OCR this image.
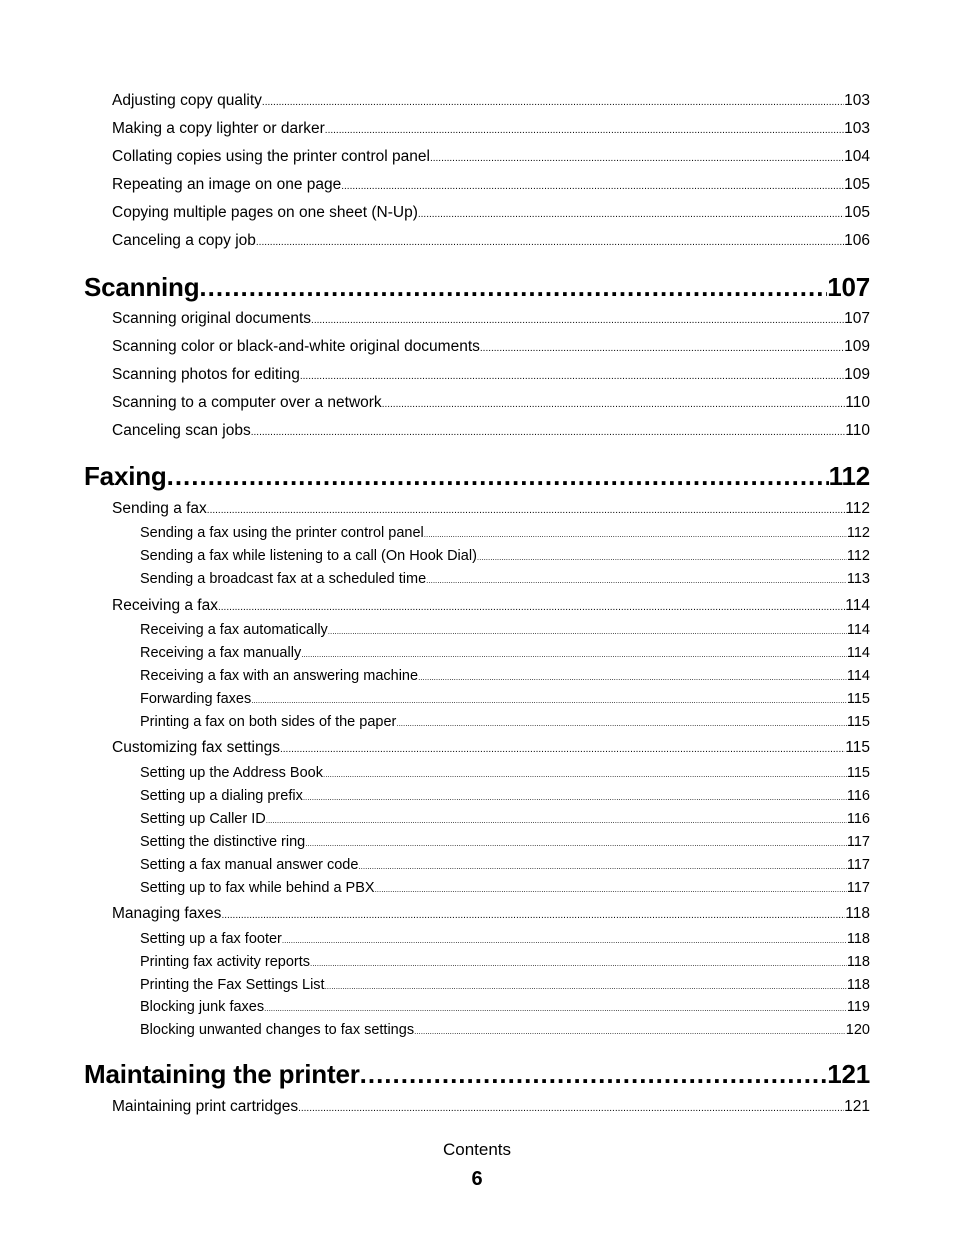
Adjusting copy quality .....	103
Making a copy lighter or darker .....	103
Collating copies using the printer control panel .....	104
Repeating an image on one page .....	105
Copying multiple pages on one sheet (N-Up) .....	105
Canceling a copy job .....	106
Scanning .....	107
Scanning original documents .....	107
Scanning color or black-and-white original documents .....	109
Scanning photos for editing .....	109
Scanning to a computer over a network .....	110
Canceling scan jobs .....	110
Faxing .....	112
Sending a fax .....	112
Sending a fax using the printer control panel .....	112
Sending a fax while listening to a call (On Hook Dial) .....	112
Sending a broadcast fax at a scheduled time .....	113
Receiving a fax .....	114
Receiving a fax automatically .....	114
Receiving a fax manually .....	114
Receiving a fax with an answering machine .....	114
Forwarding faxes .....	115
Printing a fax on both sides of the paper .....	115
Customizing fax settings .....	115
Setting up the Address Book .....	115
Setting up a dialing prefix .....	116
Setting up Caller ID .....	116
Setting the distinctive ring .....	117
Setting a fax manual answer code .....	117
Setting up to fax while behind a PBX .....	117
Managing faxes .....	118
Setting up a fax footer .....	118
Printing fax activity reports .....	118
Printing the Fax Settings List .....	118
Blocking junk faxes .....	119
Blocking unwanted changes to fax settings .....	120
Maintaining the printer .....	121
Maintaining print cartridges .....	121
Contents
6
